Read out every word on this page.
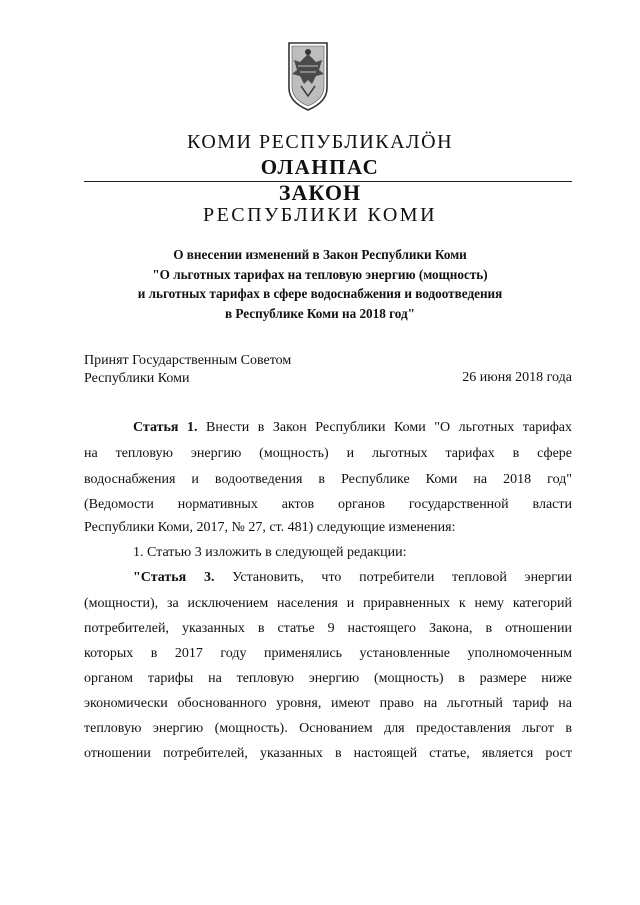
КОМИ РЕСПУБЛИКАЛÖН
ОЛАНПАС
ЗАКОН
РЕСПУБЛИКИ КОМИ
О внесении изменений в Закон Республики Коми
"О льготных тарифах на тепловую энергию (мощность)
и льготных тарифах в сфере водоснабжения и водоотведения
в Республике Коми на 2018 год"
Принят Государственным Советом
Республики Коми	26 июня 2018 года
Статья 1. Внести в Закон Республики Коми "О льготных тарифах
на тепловую энергию (мощность) и льготных тарифах в сфере
водоснабжения и водоотведения в Республике Коми на 2018 год"
(Ведомости нормативных актов органов государственной власти
Республики Коми, 2017, № 27, ст. 481) следующие изменения:
1. Статью 3 изложить в следующей редакции:
"Статья 3. Установить, что потребители тепловой энергии
(мощности), за исключением населения и приравненных к нему категорий
потребителей, указанных в статье 9 настоящего Закона, в отношении
которых в 2017 году применялись установленные уполномоченным
органом тарифы на тепловую энергию (мощность) в размере ниже
экономически обоснованного уровня, имеют право на льготный тариф на
тепловую энергию (мощность). Основанием для предоставления льгот в
отношении потребителей, указанных в настоящей статье, является рост
